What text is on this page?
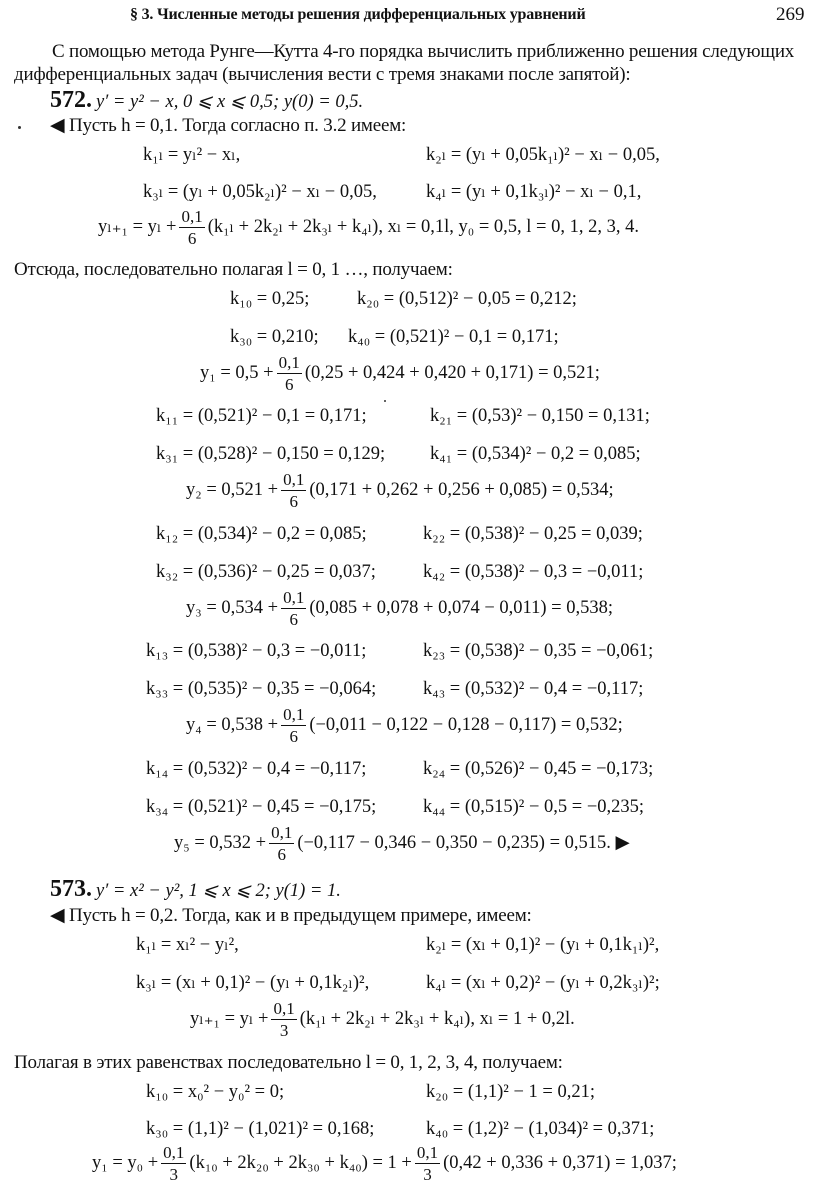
§ 3. Численные методы решения дифференциальных уравнений	269
С помощью метода Рунге—Кутта 4-го порядка вычислить приближенно решения следующих
дифференциальных задач (вычисления вести с тремя знаками после запятой):
572. y′ = y² − x, 0 ⩽ x ⩽ 0,5; y(0) = 0,5.
◀ Пусть h = 0,1. Тогда согласно п. 3.2 имеем:
k₁ₗ = yₗ² − xₗ,	k₂ₗ = (yₗ + 0,05k₁ₗ)² − xₗ − 0,05,
k₃ₗ = (yₗ + 0,05k₂ₗ)² − xₗ − 0,05,	k₄ₗ = (yₗ + 0,1k₃ₗ)² − xₗ − 0,1,
$y_{l+1} = y_l + \frac{0,1}{6} (k_{1l} + 2k_{2l} + 2k_{3l} + k_{4l})$, xₗ = 0,1l, y₀ = 0,5, l = 0, 1, 2, 3, 4.
Отсюда, последовательно полагая l = 0, 1 …, получаем:
k₁₀ = 0,25;	k₂₀ = (0,512)² − 0,05 = 0,212;
k₃₀ = 0,210; k₄₀ = (0,521)² − 0,1 = 0,171;
$y_1 = 0,5 + \frac{0,1}{6} (0,25 + 0,424 + 0,420 + 0,171) = 0,521$;
k₁₁ = (0,521)² − 0,1 = 0,171;	k₂₁ = (0,53)² − 0,150 = 0,131;
k₃₁ = (0,528)² − 0,150 = 0,129; k₄₁ = (0,534)² − 0,2 = 0,085;
$y_2 = 0,521 + \frac{0,1}{6} (0,171 + 0,262 + 0,256 + 0,085) = 0,534$;
k₁₂ = (0,534)² − 0,2 = 0,085;	k₂₂ = (0,538)² − 0,25 = 0,039;
k₃₂ = (0,536)² − 0,25 = 0,037;	k₄₂ = (0,538)² − 0,3 = −0,011;
$y_3 = 0,534 + \frac{0,1}{6} (0,085 + 0,078 + 0,074 - 0,011) = 0,538$;
k₁₃ = (0,538)² − 0,3 = −0,011;	k₂₃ = (0,538)² − 0,35 = −0,061;
k₃₃ = (0,535)² − 0,35 = −0,064;	k₄₃ = (0,532)² − 0,4 = −0,117;
$y_4 = 0,538 + \frac{0,1}{6} (-0,011 - 0,122 - 0,128 - 0,117) = 0,532$;
k₁₄ = (0,532)² − 0,4 = −0,117;	k₂₄ = (0,526)² − 0,45 = −0,173;
k₃₄ = (0,521)² − 0,45 = −0,175;	k₄₄ = (0,515)² − 0,5 = −0,235;
$y_5 = 0,532 + \frac{0,1}{6} (-0,117 - 0,346 - 0,350 - 0,235) = 0,515$. ▶
573. y′ = x² − y², 1 ⩽ x ⩽ 2; y(1) = 1.
◀ Пусть h = 0,2. Тогда, как и в предыдущем примере, имеем:
k₁ₗ = xₗ² − yₗ²,	k₂ₗ = (xₗ + 0,1)² − (yₗ + 0,1k₁ₗ)²,
k₃ₗ = (xₗ + 0,1)² − (yₗ + 0,1k₂ₗ)²,	k₄ₗ = (xₗ + 0,2)² − (yₗ + 0,2k₃ₗ)²;
$y_{l+1} = y_l + \frac{0,1}{3} (k_{1l} + 2k_{2l} + 2k_{3l} + k_{4l})$, xₗ = 1 + 0,2l.
Полагая в этих равенствах последовательно l = 0, 1, 2, 3, 4, получаем:
k₁₀ = x₀² − y₀² = 0;	k₂₀ = (1,1)² − 1 = 0,21;
k₃₀ = (1,1)² − (1,021)² = 0,168;	k₄₀ = (1,2)² − (1,034)² = 0,371;
$y_1 = y_0 + \frac{0,1}{3} (k_{10} + 2k_{20} + 2k_{30} + k_{40}) = 1 + \frac{0,1}{3} (0,42 + 0,336 + 0,371) = 1,037$;
